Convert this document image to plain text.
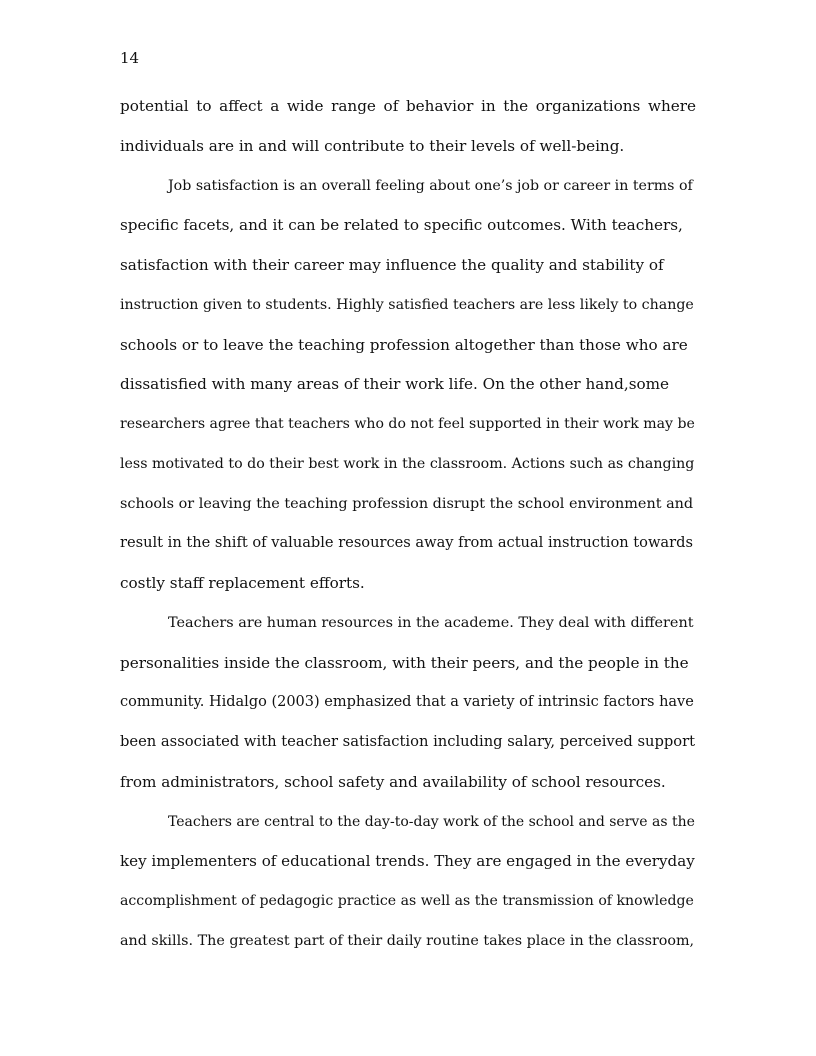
14
potential to affect a wide range of behavior in the organizations where
individuals are in and will contribute to their levels of well-being.
Job satisfaction is an overall feeling about one’s job or career in terms of
specific facets, and it can be related to specific outcomes. With teachers,
satisfaction with their career may influence the quality and stability of
instruction given to students. Highly satisfied teachers are less likely to change
schools or to leave the teaching profession altogether than those who are
dissatisfied with many areas of their work life. On the other hand,some
researchers agree that teachers who do not feel supported in their work may be
less motivated to do their best work in the classroom. Actions such as changing
schools or leaving the teaching profession disrupt the school environment and
result in the shift of valuable resources away from actual instruction towards
costly staff replacement efforts.
Teachers are human resources in the academe. They deal with different
personalities inside the classroom, with their peers, and the people in the
community. Hidalgo (2003) emphasized that a variety of intrinsic factors have
been associated with teacher satisfaction including salary, perceived support
from administrators, school safety and availability of school resources.
Teachers are central to the day-to-day work of the school and serve as the
key implementers of educational trends. They are engaged in the everyday
accomplishment of pedagogic practice as well as the transmission of knowledge
and skills. The greatest part of their daily routine takes place in the classroom,
